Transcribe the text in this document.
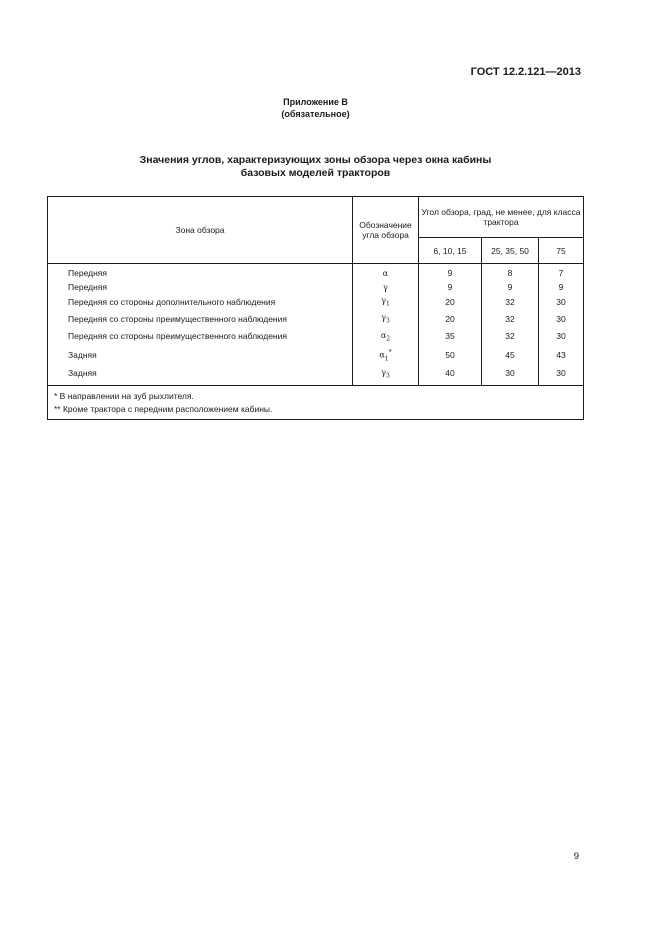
ГОСТ 12.2.121—2013

Приложение В
(обязательное)
Значения углов, характеризующих зоны обзора через окна кабины
базовых моделей тракторов
Зона обзора	Обозначение угла обзора	Угол обзора, град, не менее, для класса трактора		
		6, 10, 15	25, 35, 50	75
Передняя	α	9	8	7
Передняя	γ	9	9	9
Передняя со стороны дополнительного наблюдения	$\gamma_1$	20	32	30
Передняя со стороны преимущественного наблюдения	$\gamma_3$	20	32	30
Передняя со стороны преимущественного наблюдения	$\alpha_2$	35	32	30
Задняя	$\alpha_1^*$	50	45	43
Задняя	$\gamma_3$	40	30	30

* В направлении на зуб рыхлителя.
** Кроме трактора с передним расположением кабины.				

9
